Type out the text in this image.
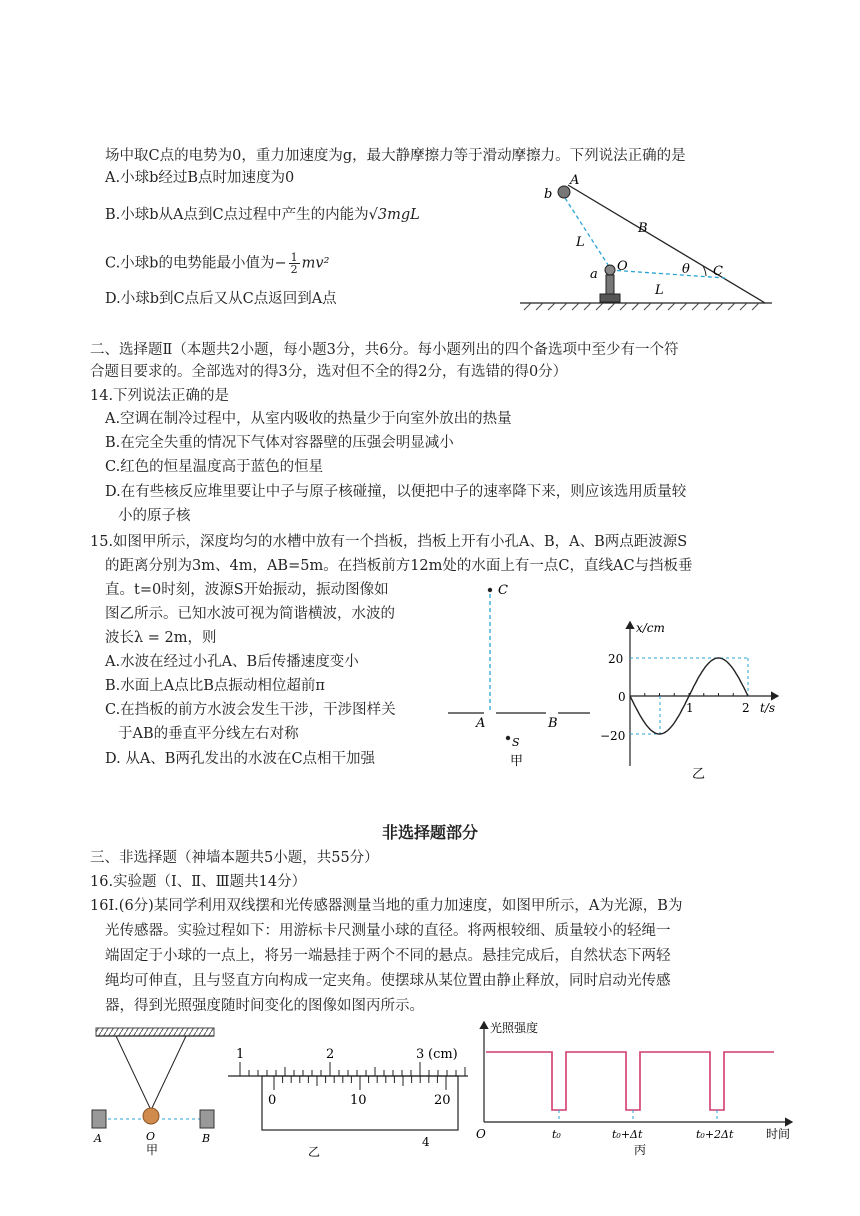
场中取C点的电势为0，重力加速度为g，最大静摩擦力等于滑动摩擦力。下列说法正确的是
A.小球b经过B点时加速度为0
B.小球b从A点到C点过程中产生的内能为√3mgL
C.小球b的电势能最小值为− $\frac{1}{2} mv^2$
D.小球b到C点后又从C点返回到A点
A
b
B
L
a
O	θ C
L
二、选择题Ⅱ（本题共2小题，每小题3分，共6分。每小题列出的四个备选项中至少有一个符
合题目要求的。全部选对的得3分，选对但不全的得2分，有选错的得0分）
14.下列说法正确的是
A.空调在制冷过程中，从室内吸收的热量少于向室外放出的热量
B.在完全失重的情况下气体对容器壁的压强会明显减小
C.红色的恒星温度高于蓝色的恒星
D.在有些核反应堆里要让中子与原子核碰撞，以便把中子的速率降下来，则应该选用质量较
小的原子核
15.如图甲所示，深度均匀的水槽中放有一个挡板，挡板上开有小孔A、B，A、B两点距波源S
的距离分别为3m、4m，AB=5m。在挡板前方12m处的水面上有一点C，直线AC与挡板垂
直。t=0时刻，波源S开始振动，振动图像如
图乙所示。已知水波可视为简谐横波，水波的
波长λ = 2m，则
A.水波在经过小孔A、B后传播速度变小
B.水面上A点比B点振动相位超前π
C.在挡板的前方水波会发生干涉，干涉图样关
于AB的垂直平分线左右对称
D. 从A、B两孔发出的水波在C点相干加强
C
A	B
S
甲
x/cm
20
0
−20
1	2 t/s
乙
非选择题部分
三、非选择题（神墙本题共5小题，共55分）
16.实验题（Ⅰ、Ⅱ、Ⅲ题共14分）
16Ⅰ.(6分)某同学利用双线摆和光传感器测量当地的重力加速度，如图甲所示，A为光源，B为
光传感器。实验过程如下：用游标卡尺测量小球的直径。将两根较细、质量较小的轻绳一
端固定于小球的一点上，将另一端悬挂于两个不同的悬点。悬挂完成后，自然状态下两轻
绳均可伸直，且与竖直方向构成一定夹角。使摆球从某位置由静止释放，同时启动光传感
器，得到光照强度随时间变化的图像如图丙所示。
A	O	B
甲
1	2	3 (cm)
0	10	20
4
乙
光照强度
O	t₀	t₀+Δt	t₀+2Δt	时间
丙
